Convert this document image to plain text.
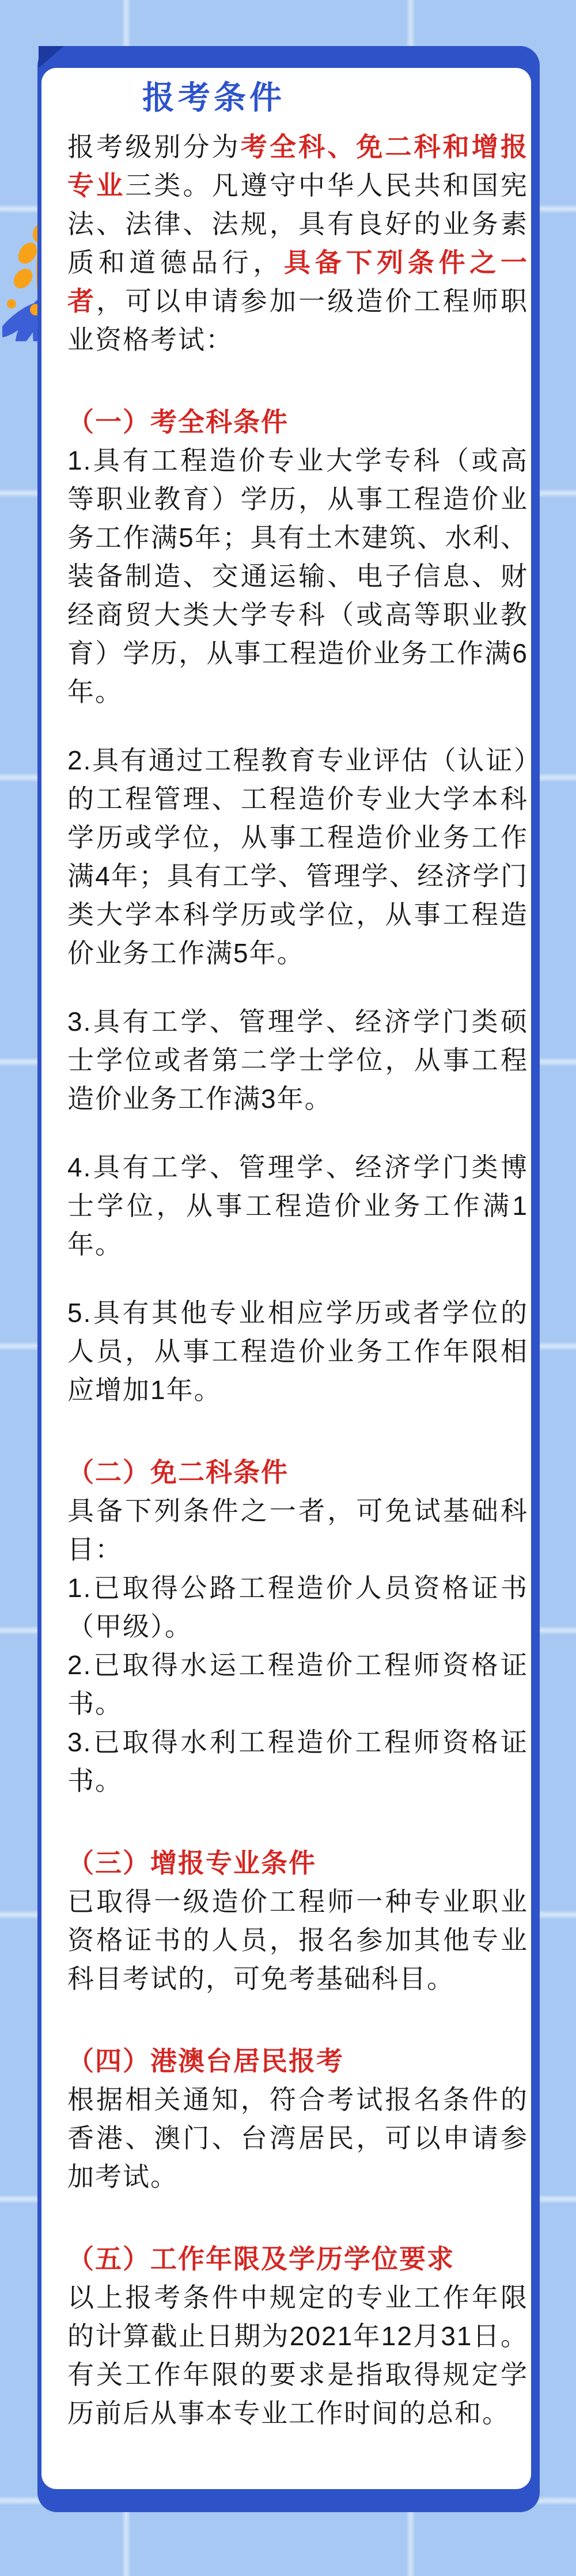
报考条件

报考级别分为考全科、免二科和增报专业三类。凡遵守中华人民共和国宪法、法律、法规，具有良好的业务素质和道德品行，具备下列条件之一者，可以申请参加一级造价工程师职业资格考试：

（一）考全科条件

1.具有工程造价专业大学专科（或高等职业教育）学历，从事工程造价业务工作满5年；具有土木建筑、水利、装备制造、交通运输、电子信息、财经商贸大类大学专科（或高等职业教育）学历，从事工程造价业务工作满6年。

2.具有通过工程教育专业评估（认证）的工程管理、工程造价专业大学本科学历或学位，从事工程造价业务工作满4年；具有工学、管理学、经济学门类大学本科学历或学位，从事工程造价业务工作满5年。

3.具有工学、管理学、经济学门类硕士学位或者第二学士学位，从事工程造价业务工作满3年。

4.具有工学、管理学、经济学门类博士学位，从事工程造价业务工作满1年。

5.具有其他专业相应学历或者学位的人员，从事工程造价业务工作年限相应增加1年。

（二）免二科条件

具备下列条件之一者，可免试基础科目：

1.已取得公路工程造价人员资格证书（甲级）。

2.已取得水运工程造价工程师资格证书。

3.已取得水利工程造价工程师资格证书。

（三）增报专业条件

已取得一级造价工程师一种专业职业资格证书的人员，报名参加其他专业科目考试的，可免考基础科目。

（四）港澳台居民报考

根据相关通知，符合考试报名条件的香港、澳门、台湾居民，可以申请参加考试。

（五）工作年限及学历学位要求

以上报考条件中规定的专业工作年限的计算截止日期为2021年12月31日。有关工作年限的要求是指取得规定学历前后从事本专业工作时间的总和。
